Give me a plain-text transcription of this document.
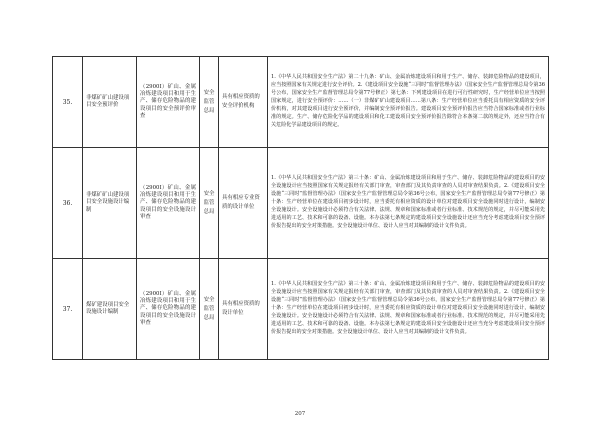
35.	非煤矿矿山建设项目安全预评价	（2900I）矿山、金属冶炼建设项目和用于生产、储存危险物品的建设项目的安全预评价审查	安全监管总局	具有相应资质的安全评价机构	1.《中华人民共和国安全生产法》第二十九条：矿山、金属冶炼建设项目和用于生产、储存、装卸危险物品的建设项目，应当按照国家有关规定进行安全评价。2.《建设项目安全设施“三同时”监督管理办法》（国家安全生产监督管理总局令第36号公布，国家安全生产监督管理总局令第77号修正）第七条：下列建设项目在进行可行性研究时，生产经营单位应当按照国家规定，进行安全预评价：……（一）非煤矿矿山建设项目……第八条：生产经营单位应当委托具有相应资质的安全评价机构，对其建设项目进行安全预评价，并编制安全预评价报告。建设项目安全预评价报告应当符合国家标准或者行业标准的规定。生产、储存危险化学品的建设项目和化工建设项目安全预评价报告除符合本条第二款的规定外，还应当符合有关危险化学品建设项目的规定。
36.	非煤矿矿山建设项目安全设施设计编制	（2900I）矿山、金属冶炼建设项目和用于生产、储存危险物品的建设项目的安全设施设计审查	安全监管总局	具有相应专业资质的设计单位	1.《中华人民共和国安全生产法》第三十条：矿山、金属冶炼建设项目和用于生产、储存、装卸危险物品的建设项目的安全设施设计应当按照国家有关规定报经有关部门审查，审查部门及其负责审查的人员对审查结果负责。2.《建设项目安全设施“三同时”监督管理办法》（国家安全生产监督管理总局令第36号公布，国家安全生产监督管理总局令第77号修正）第十条：生产经营单位在建设项目初步设计时，应当委托有相应资质的设计单位对建设项目安全设施同时进行设计，编制安全设施设计。安全设施设计必须符合有关法律、法规、规章和国家标准或者行业标准、技术规范的规定，并尽可能采用先进适用的工艺、技术和可靠的设备、设施。本办法第七条规定的建设项目安全设施设计还应当充分考虑建设项目安全预评价报告提出的安全对策措施。安全设施设计单位、设计人应当对其编制的设计文件负责。
37.	煤矿建设项目安全设施设计编制	（2900I）矿山、金属冶炼建设项目和用于生产、储存危险物品的建设项目的安全设施设计审查	安全监管总局	具有相应资质的设计单位	1.《中华人民共和国安全生产法》第三十条：矿山、金属冶炼建设项目和用于生产、储存、装卸危险物品的建设项目的安全设施设计应当按照国家有关规定报经有关部门审查，审查部门及其负责审查的人员对审查结果负责。2.《建设项目安全设施“三同时”监督管理办法》（国家安全生产监督管理总局令第36号公布，国家安全生产监督管理总局令第77号修正）第十条：生产经营单位在建设项目初步设计时，应当委托有相应资质的设计单位对建设项目安全设施同时进行设计，编制安全设施设计。安全设施设计必须符合有关法律、法规、规章和国家标准或者行业标准、技术规范的规定，并尽可能采用先进适用的工艺、技术和可靠的设备、设施。本办法第七条规定的建设项目安全设施设计还应当充分考虑建设项目安全预评价报告提出的安全对策措施。安全设施设计单位、设计人应当对其编制的设计文件负责。
207
